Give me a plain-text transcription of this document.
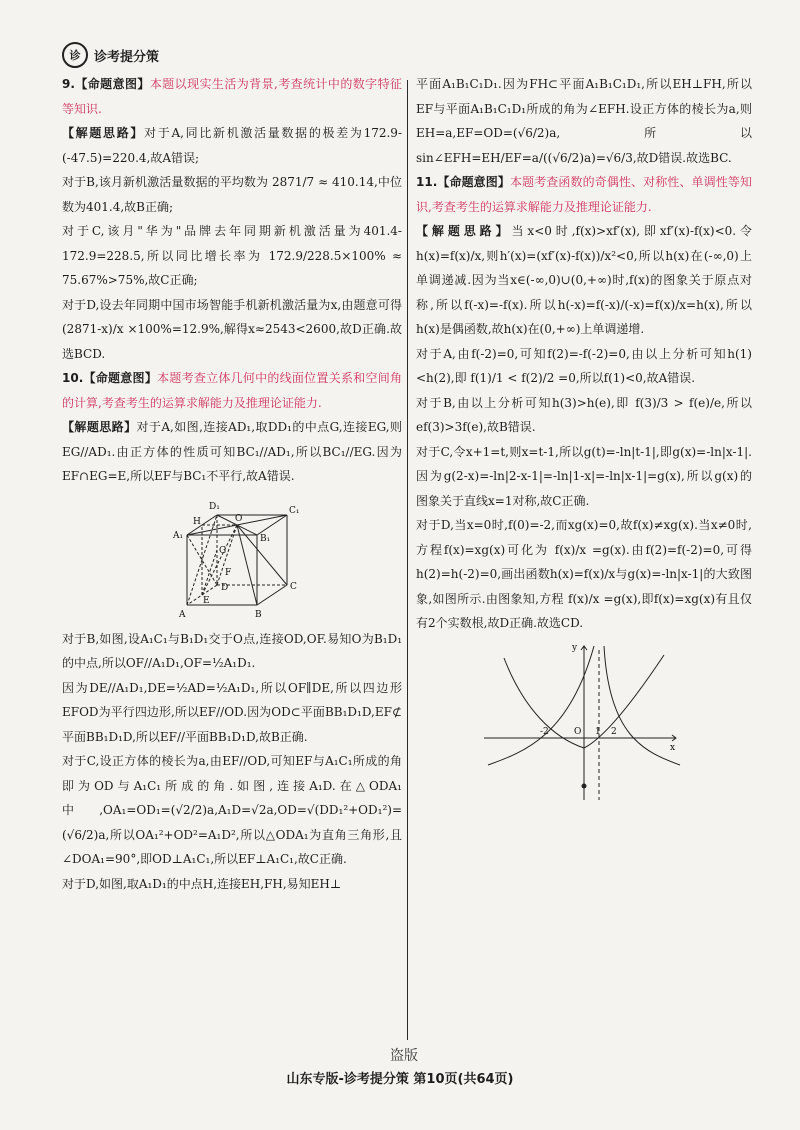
诊	诊考提分策

9.【命题意图】本题以现实生活为背景,考查统计中的数字特征等知识.

【解题思路】对于A,同比新机激活量数据的极差为172.9-(-47.5)=220.4,故A错误;

对于B,该月新机激活量数据的平均数为 2871/7 ≈ 410.14,中位数为401.4,故B正确;

对于C,该月"华为"品牌去年同期新机激活量为401.4-172.9=228.5,所以同比增长率为 172.9/228.5×100% ≈ 75.67%>75%,故C正确;

对于D,设去年同期中国市场智能手机新机激活量为x,由题意可得 (2871-x)/x ×100%=12.9%,解得x≈2543<2600,故D正确.故选BCD.

10.【命题意图】本题考查立体几何中的线面位置关系和空间角的计算,考查考生的运算求解能力及推理论证能力.

【解题思路】对于A,如图,连接AD₁,取DD₁的中点G,连接EG,则EG//AD₁.由正方体的性质可知BC₁//AD₁,所以BC₁//EG.因为EF∩EG=E,所以EF与BC₁不平行,故A错误.

A	B
C
D
A₁	B₁
C₁
D₁
E
F
G
H	O

对于B,如图,设A₁C₁与B₁D₁交于O点,连接OD,OF.易知O为B₁D₁的中点,所以OF//A₁D₁,OF=½A₁D₁.

因为DE//A₁D₁,DE=½AD=½A₁D₁,所以OF∥DE,所以四边形EFOD为平行四边形,所以EF//OD.因为OD⊂平面BB₁D₁D,EF⊄平面BB₁D₁D,所以EF//平面BB₁D₁D,故B正确.

对于C,设正方体的棱长为a,由EF//OD,可知EF与A₁C₁所成的角即为OD与A₁C₁所成的角.如图,连接A₁D.在△ODA₁中,OA₁=OD₁=(√2/2)a,A₁D=√2a,OD=√(DD₁²+OD₁²)=(√6/2)a,所以OA₁²+OD²=A₁D²,所以△ODA₁为直角三角形,且∠DOA₁=90°,即OD⊥A₁C₁,所以EF⊥A₁C₁,故C正确.

对于D,如图,取A₁D₁的中点H,连接EH,FH,易知EH⊥

平面A₁B₁C₁D₁.因为FH⊂平面A₁B₁C₁D₁,所以EH⊥FH,所以EF与平面A₁B₁C₁D₁所成的角为∠EFH.设正方体的棱长为a,则EH=a,EF=OD=(√6/2)a,所以 sin∠EFH=EH/EF=a/((√6/2)a)=√6/3,故D错误.故选BC.

11.【命题意图】本题考查函数的奇偶性、对称性、单调性等知识,考查考生的运算求解能力及推理论证能力.

【解题思路】当x<0时,f(x)>xf′(x),即xf′(x)-f(x)<0.令h(x)=f(x)/x,则h′(x)=(xf′(x)-f(x))/x²<0,所以h(x)在(-∞,0)上单调递减.因为当x∈(-∞,0)∪(0,+∞)时,f(x)的图象关于原点对称,所以f(-x)=-f(x).所以h(-x)=f(-x)/(-x)=f(x)/x=h(x),所以h(x)是偶函数,故h(x)在(0,+∞)上单调递增.

对于A,由f(-2)=0,可知f(2)=-f(-2)=0,由以上分析可知h(1)<h(2),即 f(1)/1 < f(2)/2 =0,所以f(1)<0,故A错误.

对于B,由以上分析可知h(3)>h(e),即 f(3)/3 > f(e)/e,所以ef(3)>3f(e),故B错误.

对于C,令x+1=t,则x=t-1,所以g(t)=-ln|t-1|,即g(x)=-ln|x-1|.因为g(2-x)=-ln|2-x-1|=-ln|1-x|=-ln|x-1|=g(x),所以g(x)的图象关于直线x=1对称,故C正确.

对于D,当x=0时,f(0)=-2,而xg(x)=0,故f(x)≠xg(x).当x≠0时,方程f(x)=xg(x)可化为 f(x)/x =g(x).由f(2)=f(-2)=0,可得h(2)=h(-2)=0,画出函数h(x)=f(x)/x与g(x)=-ln|x-1|的大致图象,如图所示.由图象知,方程 f(x)/x =g(x),即f(x)=xg(x)有且仅有2个实数根,故D正确.故选CD.

y
x
O
-2	1 2
盗版
山东专版-诊考提分策 第10页(共64页)
